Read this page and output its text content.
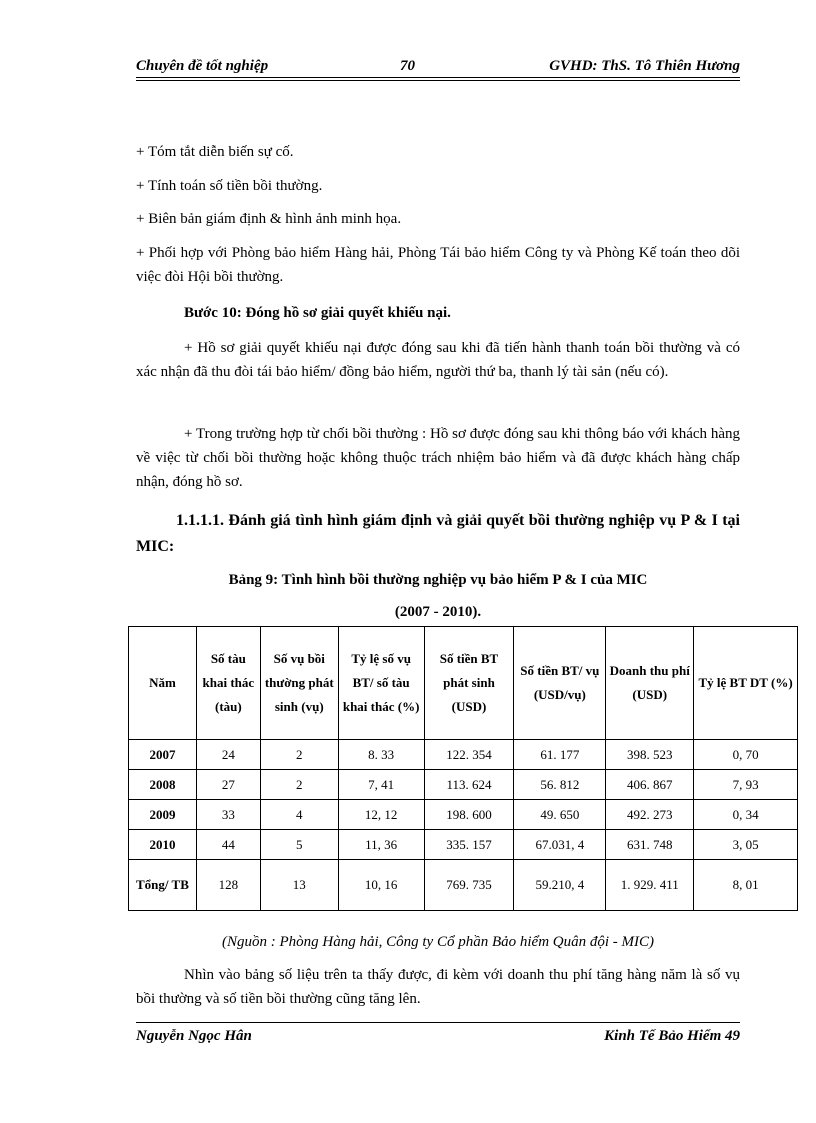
Chuyên đề tốt nghiệp	70	GVHD: ThS. Tô Thiên Hương
+ Tóm tắt diễn biến sự cố.
+ Tính toán số tiền bồi thường.
+ Biên bản giám định & hình ảnh minh họa.
+ Phối hợp với Phòng bảo hiểm Hàng hải, Phòng Tái bảo hiểm Công ty và Phòng Kế toán theo dõi việc đòi Hội bồi thường.
Bước 10: Đóng hồ sơ giải quyết khiếu nại.
+ Hồ sơ giải quyết khiếu nại được đóng sau khi đã tiến hành thanh toán bồi thường và có xác nhận đã thu đòi tái bảo hiểm/ đồng bảo hiểm, người thứ ba, thanh lý tài sản (nếu có).
+ Trong trường hợp từ chối bồi thường : Hồ sơ được đóng sau khi thông báo với khách hàng về việc từ chối bồi thường hoặc không thuộc trách nhiệm bảo hiểm và đã được khách hàng chấp nhận, đóng hồ sơ.
1.1.1.1. Đánh giá tình hình giám định và giải quyết bồi thường nghiệp vụ P & I tại MIC:
Bảng 9: Tình hình bồi thường nghiệp vụ bảo hiểm P & I của MIC
(2007 - 2010).
Năm	Số tàu khai thác (tàu)	Số vụ bồi thường phát sinh (vụ)	Tỷ lệ số vụ BT/ số tàu khai thác (%)	Số tiền BT phát sinh (USD)	Số tiền BT/ vụ (USD/vụ)	Doanh thu phí (USD)	Tỷ lệ BT DT (%)
2007	24	2	8. 33	122. 354	61. 177	398. 523	0, 70
2008	27	2	7, 41	113. 624	56. 812	406. 867	7, 93
2009	33	4	12, 12	198. 600	49. 650	492. 273	0, 34
2010	44	5	11, 36	335. 157	67.031, 4	631. 748	3, 05
Tổng/ TB	128	13	10, 16	769. 735	59.210, 4	1. 929. 411	8, 01
(Nguồn : Phòng Hàng hải, Công ty Cổ phần Bảo hiểm Quân đội - MIC)
Nhìn vào bảng số liệu trên ta thấy được, đi kèm với doanh thu phí tăng hàng năm là số vụ bồi thường và số tiền bồi thường cũng tăng lên.
Nguyễn Ngọc Hân	Kinh Tế Bảo Hiểm 49
